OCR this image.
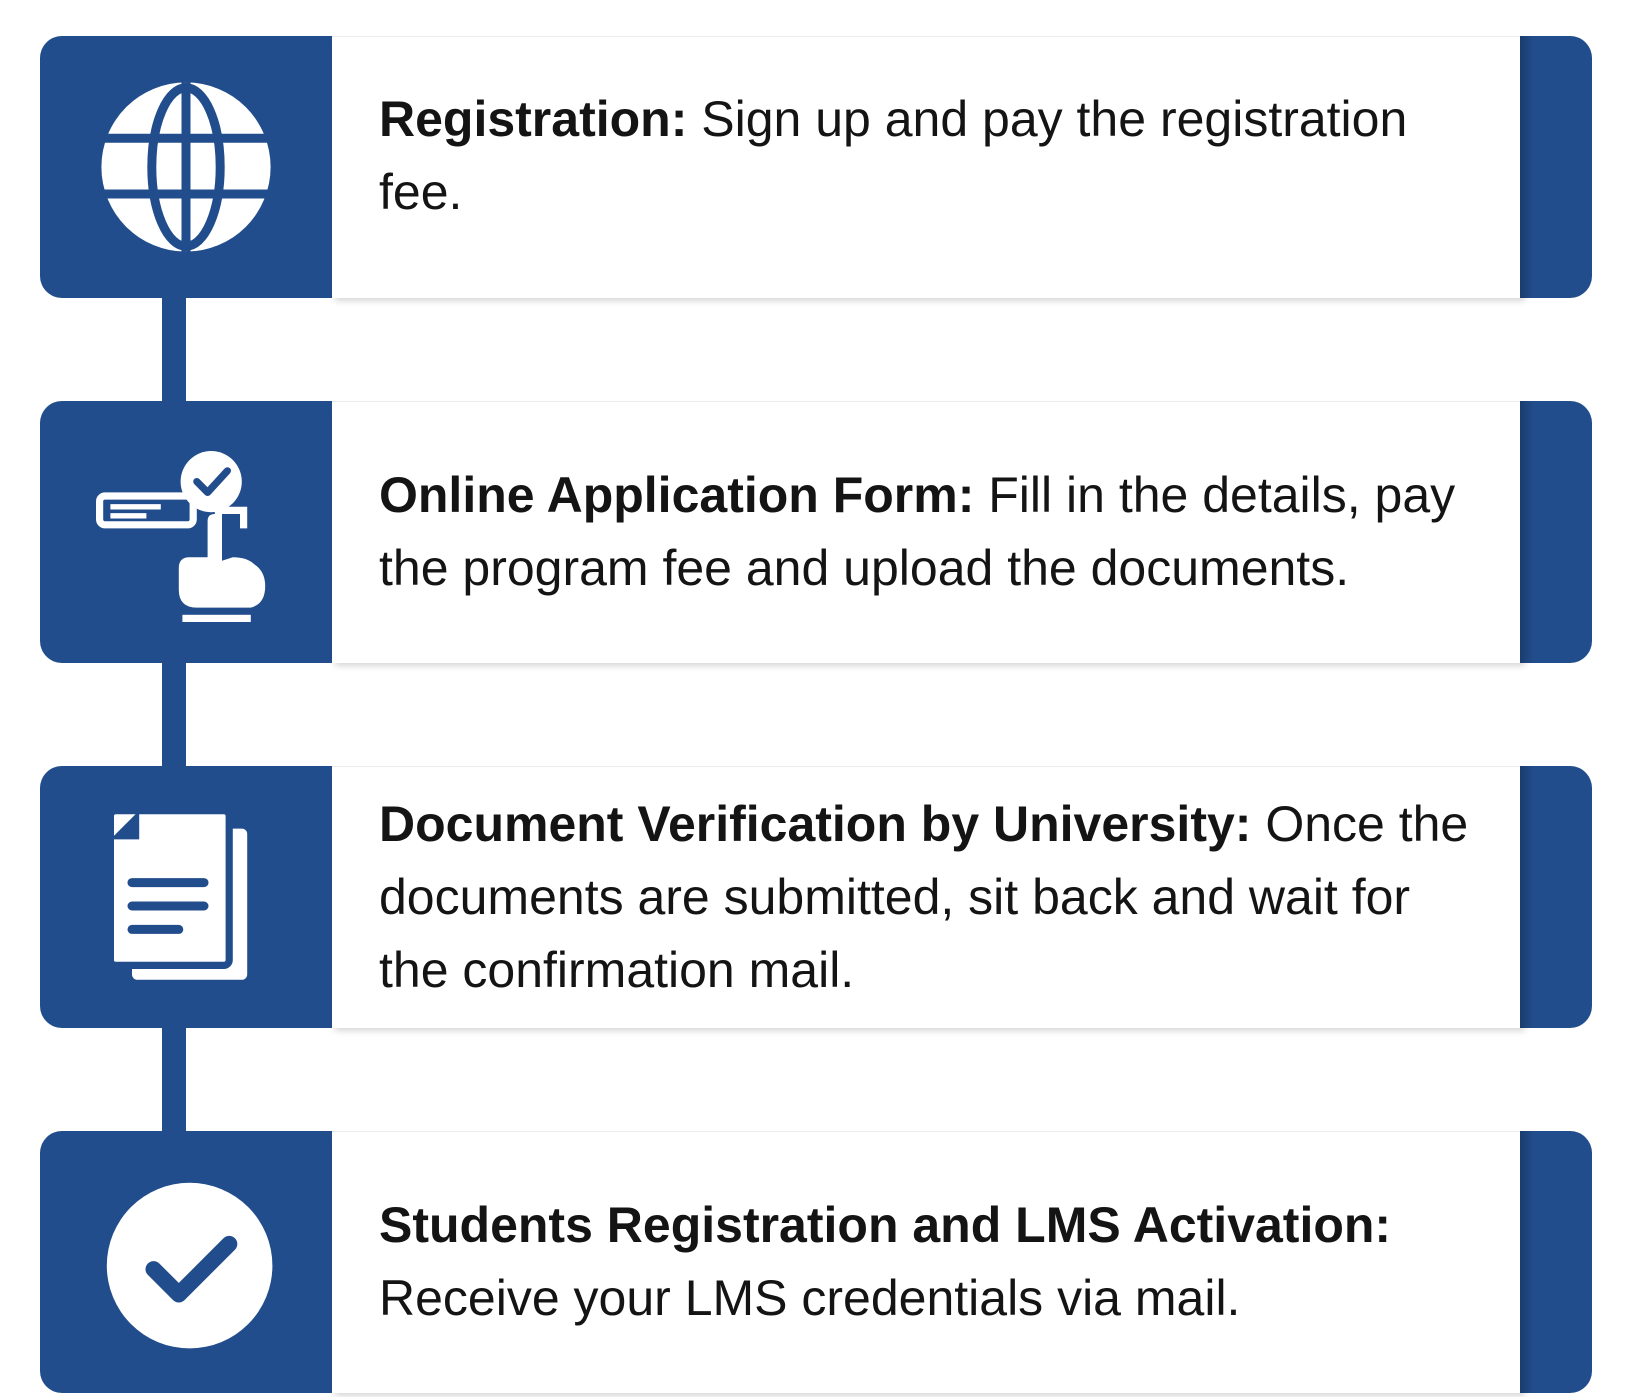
Registration: Sign up and pay the registration fee.

Online Application Form: Fill in the details, pay the program fee and upload the documents.

Document Verification by University: Once the documents are submitted, sit back and wait for the confirmation mail.

Students Registration and LMS Activation: Receive your LMS credentials via mail.
